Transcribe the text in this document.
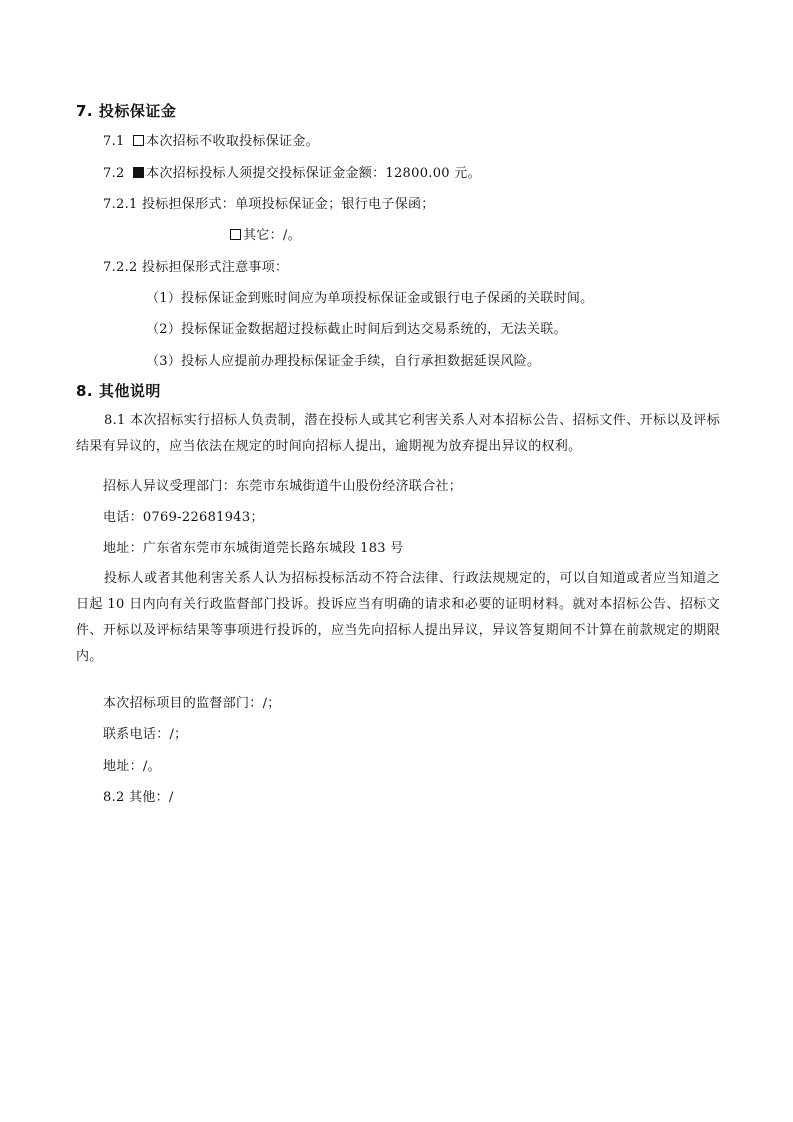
7. 投标保证金
7.1 本次招标不收取投标保证金。
7.2 本次招标投标人须提交投标保证金金额：12800.00 元。
7.2.1 投标担保形式：单项投标保证金；银行电子保函；
其它：/。
7.2.2 投标担保形式注意事项：
（1）投标保证金到账时间应为单项投标保证金或银行电子保函的关联时间。
（2）投标保证金数据超过投标截止时间后到达交易系统的，无法关联。
（3）投标人应提前办理投标保证金手续，自行承担数据延误风险。
8. 其他说明

8.1 本次招标实行招标人负责制，潜在投标人或其它利害关系人对本招标公告、招标文件、开标以及评标结果有异议的，应当依法在规定的时间向招标人提出，逾期视为放弃提出异议的权利。

招标人异议受理部门：东莞市东城街道牛山股份经济联合社；
电话：0769-22681943；
地址：广东省东莞市东城街道莞长路东城段 183 号

投标人或者其他利害关系人认为招标投标活动不符合法律、行政法规规定的，可以自知道或者应当知道之日起 10 日内向有关行政监督部门投诉。投诉应当有明确的请求和必要的证明材料。就对本招标公告、招标文件、开标以及评标结果等事项进行投诉的，应当先向招标人提出异议，异议答复期间不计算在前款规定的期限内。

本次招标项目的监督部门：/；
联系电话：/；
地址：/。
8.2 其他：/
